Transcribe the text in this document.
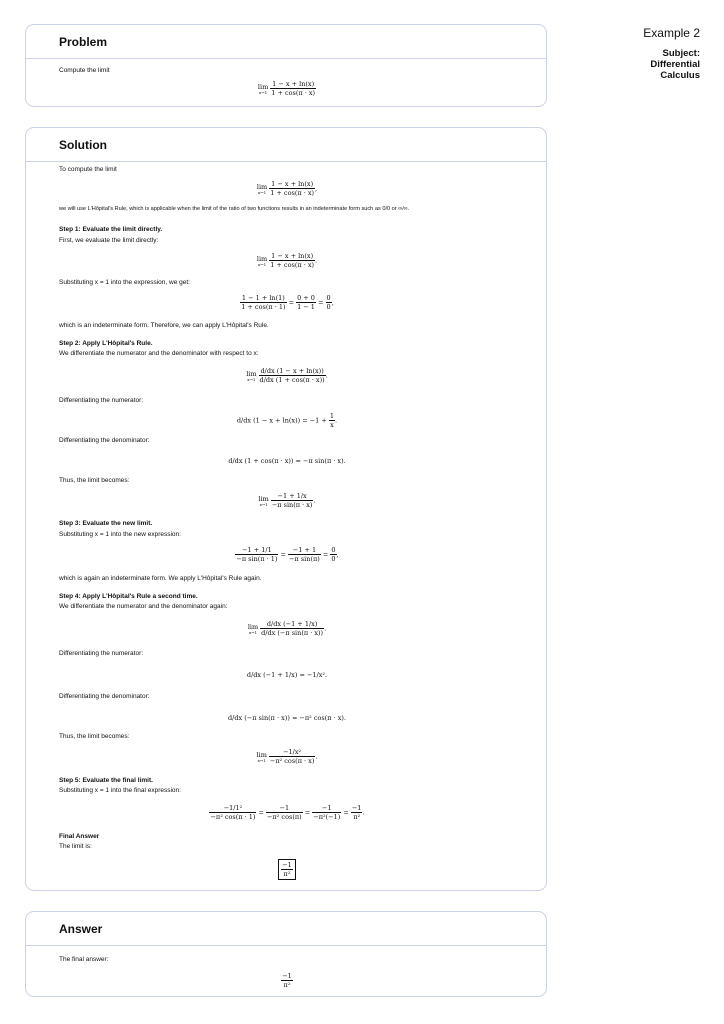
Example 2
Subject: Differential Calculus
Problem
Compute the limit
lim
$x\to 1 \frac{1 - x + \ln(x)}{1 + \cos(\pi \cdot x)}$
Solution
To compute the limit
lim
$x\to 1 \frac{1 - x + \ln(x)}{1 + \cos(\pi \cdot x)}$ ,
we will use L'Hôpital's Rule, which is applicable when the limit of the ratio of two functions results in an indeterminate form such as 0/0 or ∞/∞.
Step 1: Evaluate the limit directly.
First, we evaluate the limit directly:
lim
$x\to 1 \frac{1 - x + \ln(x)}{1 + \cos(\pi \cdot x)}$ .
Substituting x = 1 into the expression, we get:
$\frac{1 - 1 + \ln(1)}{1 + \cos(\pi \cdot 1)} = \frac{0 + 0}{1 - 1} = \frac{0}{0}$ ,
which is an indeterminate form. Therefore, we can apply L'Hôpital's Rule.
Step 2: Apply L'Hôpital's Rule.
We differentiate the numerator and the denominator with respect to x:
lim
$x\to 1 \frac{d/dx (1 - x + \ln(x))}{d/dx (1 + \cos(\pi \cdot x))}$ .
Differentiating the numerator:
d/dx $(1 - x + \ln(x)) = -1 + \frac{1}{x}$ .
Differentiating the denominator:
d/dx (1 + cos(π · x)) = −π sin(π · x).
Thus, the limit becomes:
lim
$x\to 1 \frac{-1 + 1/x}{\text{−π sin(π · x)}}$ .
Step 3: Evaluate the new limit.
Substituting x = 1 into the new expression:
$\frac{-1 + 1/1}{\text{−π sin(π · 1)}} = \frac{-1 + 1}{\text{−π sin(π)}} = \frac{0}{0}$ ,
which is again an indeterminate form. We apply L'Hôpital's Rule again.
Step 4: Apply L'Hôpital's Rule a second time.
We differentiate the numerator and the denominator again:
lim
$x\to 1 \frac{d/dx (-1 + 1/x)}{\text{d/dx (−π sin(π · x))}}$ .
Differentiating the numerator:
d/dx (−1 + 1/x) = −1/x².
Differentiating the denominator:
d/dx (−π sin(π · x)) = −π² cos(π · x).
Thus, the limit becomes:
lim
$x\to 1 \frac{\text{−1/x²}}{\text{−π² cos(π · x)}}$ .
Step 5: Evaluate the final limit.
Substituting x = 1 into the final expression:
$\frac{\text{−1/1²}}{\text{−π² cos(π · 1)}} = \frac{-1}{\text{−π² cos(π)}} = \frac{-1}{\text{−π²(−1)}} = \frac{-1}{\text{π²}}$ .
Final Answer
The limit is:
$\frac{-1}{\text{π²}}$
Answer
The final answer:
$\frac{-1}{\text{π²}}$
